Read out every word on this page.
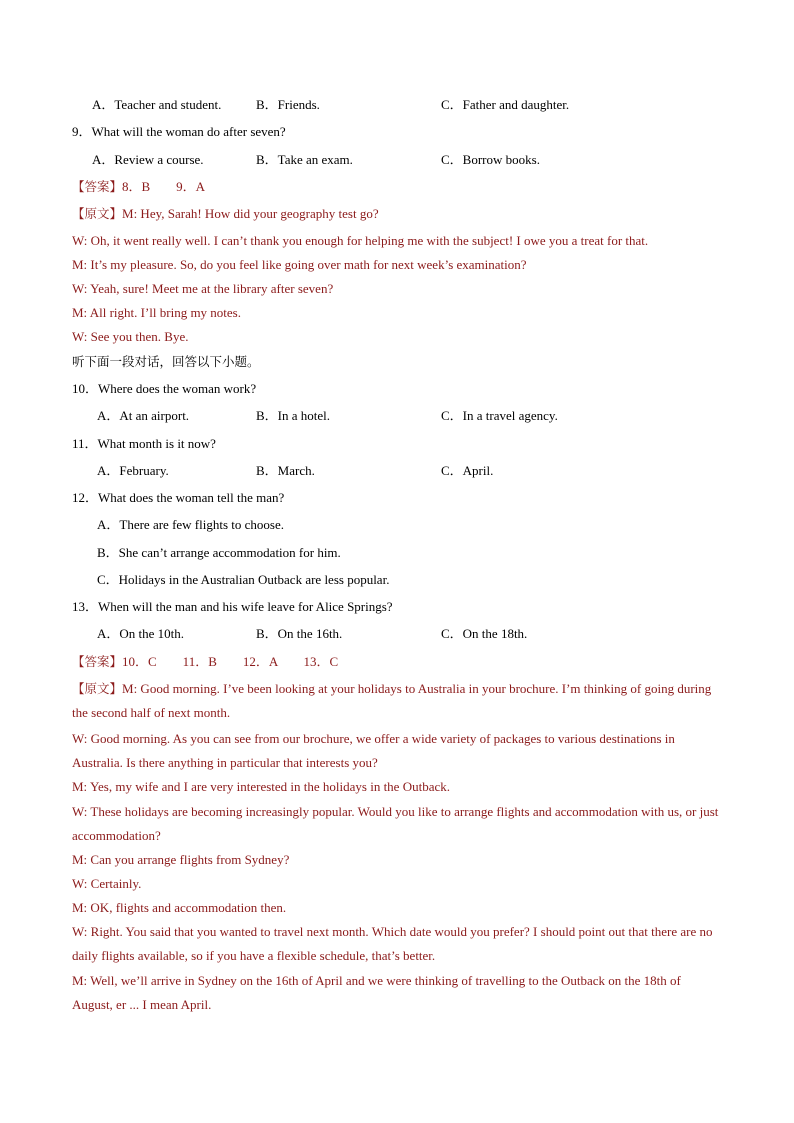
A．Teacher and student.	B．Friends.	C．Father and daughter.
9．What will the woman do after seven?
A．Review a course.	B．Take an exam.	C．Borrow books.
【答案】8．B　　9．A
【原文】M: Hey, Sarah! How did your geography test go?
W: Oh, it went really well. I can’t thank you enough for helping me with the subject! I owe you a treat for that.
M: It’s my pleasure. So, do you feel like going over math for next week’s examination?
W: Yeah, sure! Meet me at the library after seven?
M: All right. I’ll bring my notes.
W: See you then. Bye.
听下面一段对话，回答以下小题。
10．Where does the woman work?
A．At an airport.	B．In a hotel.	C．In a travel agency.
11．What month is it now?
A．February.	B．March.	C．April.
12．What does the woman tell the man?
A．There are few flights to choose.
B．She can’t arrange accommodation for him.
C．Holidays in the Australian Outback are less popular.
13．When will the man and his wife leave for Alice Springs?
A．On the 10th.	B．On the 16th.	C．On the 18th.
【答案】10．C　　11．B　　12．A　　13．C
【原文】M: Good morning. I’ve been looking at your holidays to Australia in your brochure. I’m thinking of going during the second half of next month.
W: Good morning. As you can see from our brochure, we offer a wide variety of packages to various destinations in Australia. Is there anything in particular that interests you?
M: Yes, my wife and I are very interested in the holidays in the Outback.
W: These holidays are becoming increasingly popular. Would you like to arrange flights and accommodation with us, or just accommodation?
M: Can you arrange flights from Sydney?
W: Certainly.
M: OK, flights and accommodation then.
W: Right. You said that you wanted to travel next month. Which date would you prefer? I should point out that there are no daily flights available, so if you have a flexible schedule, that’s better.
M: Well, we’ll arrive in Sydney on the 16th of April and we were thinking of travelling to the Outback on the 18th of August, er ... I mean April.
